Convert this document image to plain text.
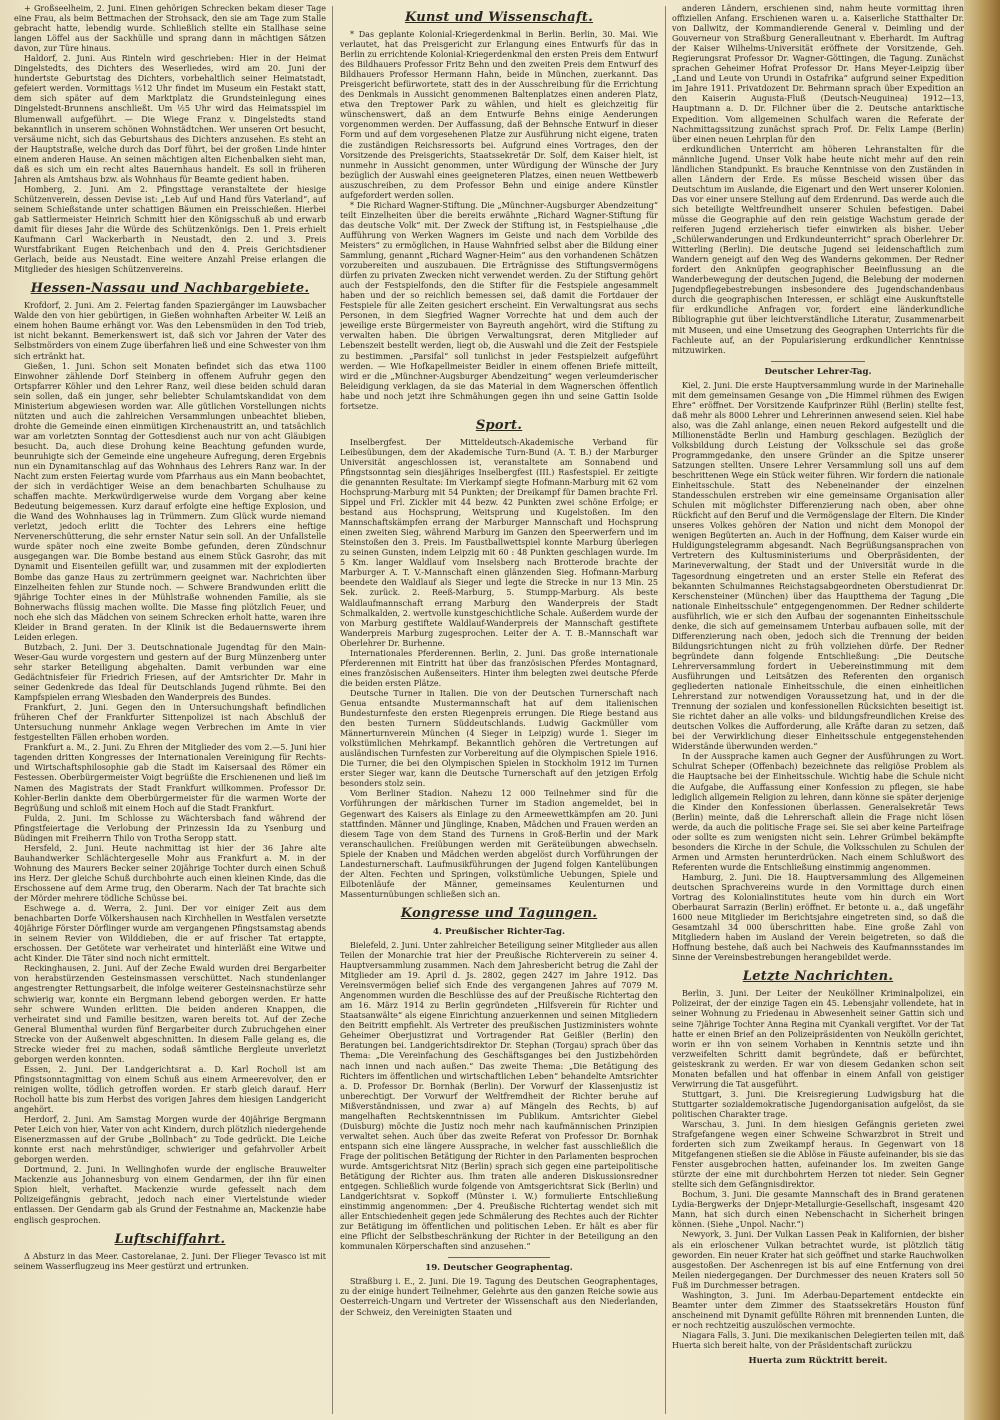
+ Großseelheim, 2. Juni. Einen gehörigen Schrecken bekam dieser Tage eine Frau, als beim Bettmachen der Strohsack, den sie am Tage zum Stalle gebracht hatte, lebendig wurde. Schließlich stellte ein Stallhase seine langen Löffel aus der Sackhülle und sprang dann in mächtigen Sätzen davon, zur Türe hinaus.

Haldorf, 2. Juni. Aus Rinteln wird geschrieben: Hier in der Heimat Dingelstedts, des Dichters des Weserliedes, wird am 20. Juni der hundertste Geburtstag des Dichters, vorbehaltlich seiner Heimatstadt, gefeiert werden. Vormittags ½12 Uhr findet im Museum ein Festakt statt, dem sich später auf dem Marktplatz die Grundsteinlegung eines Dingelstedt-Brunnens anschließt. Um ½5 Uhr wird das Heimatsspiel im Blumenwall aufgeführt. — Die Wiege Franz v. Dingelstedts stand bekanntlich in unserem schönen Wohnstädtchen. Wer unseren Ort besucht, versäume nicht, sich das Geburtshaus des Dichters anzusehen. Es steht an der Hauptstraße, welche durch das Dorf führt, bei der großen Linde hinter einem anderen Hause. An seinen mächtigen alten Eichenbalken sieht man, daß es sich um ein recht altes Bauernhaus handelt. Es soll in früheren Jahren als Amtshaus bzw. als Wohnhaus für Beamte gedient haben.

Homberg, 2. Juni. Am 2. Pfingsttage veranstaltete der hiesige Schützenverein, dessen Devise ist: „Leb Auf und Hand fürs Vaterland“, auf seinem Schießstande unter schattigen Bäumen ein Preisschießen. Hierbei gab Sattlermeister Heinrich Schmitt hier den Königsschuß ab und erwarb damit für dieses Jahr die Würde des Schützenkönigs. Den 1. Preis erhielt Kaufmann Carl Wackerbarth in Neustadt, den 2. und 3. Preis Wurstfabrikant Eugen Reichenbach und den 4. Preis Gerichtsdiener Gerlach, beide aus Neustadt. Eine weitere Anzahl Preise erlangen die Mitglieder des hiesigen Schützenvereins.

Hessen-Nassau und Nachbargebiete.

Krofdorf, 2. Juni. Am 2. Feiertag fanden Spaziergänger im Lauwsbacher Walde den von hier gebürtigen, in Gießen wohnhaften Arbeiter W. Leiß an einem hohen Baume erhängt vor. Was den Lebensmüden in den Tod trieb, ist nicht bekannt. Bemerkenswert ist, daß sich vor Jahren der Vater des Selbstmörders von einem Zuge überfahren ließ und eine Schwester von ihm sich ertränkt hat.

Gießen, 1. Juni. Schon seit Monaten befindet sich das etwa 1100 Einwohner zählende Dorf Steinberg in offenem Aufruhr gegen den Ortspfarrer Köhler und den Lehrer Ranz, weil diese beiden schuld daran sein sollen, daß ein junger, sehr beliebter Schulamtskandidat von dem Ministerium abgewiesen worden war. Alle gütlichen Vorstellungen nichts nützten und auch die zahlreichen Versammlungen unbeachtet blieben, drohte die Gemeinde einen einmütigen Kirchenaustritt an, und tatsächlich war am vorletzten Sonntag der Gottesdienst auch nur von acht Gläubigen besucht. Da, auch diese Drohung keine Beachtung gefunden wurde, beunruhigte sich der Gemeinde eine ungeheure Aufregung, deren Ergebnis nun ein Dynamitanschlag auf das Wohnhaus des Lehrers Ranz war. In der Nacht zum ersten Feiertag wurde vom Pfarrhaus aus ein Mann beobachtet, der sich in verdächtiger Weise an dem benachbarten Schulhause zu schaffen machte. Merkwürdigerweise wurde dem Vorgang aber keine Bedeutung beigemessen. Kurz darauf erfolgte eine heftige Explosion, und die Wand des Wohnhauses lag in Trümmern. Zum Glück wurde niemand verletzt, jedoch erlitt die Tochter des Lehrers eine heftige Nervenerschütterung, die sehr ernster Natur sein soll. An der Unfallstelle wurde später noch eine zweite Bombe gefunden, deren Zündschnur ausgegangen war. Die Bombe bestand aus einem Stück Gasrohr, das mit Dynamit und Eisenteilen gefüllt war, und zusammen mit der explodierten Bombe das ganze Haus zu zertrümmern geeignet war. Nachrichten über Einzelheiten fehlen zur Stunde noch. — Schwere Brandwunden erlitt die 9jährige Tochter eines in der Mühlstraße wohnenden Familie, als sie Bohnerwachs flüssig machen wollte. Die Masse fing plötzlich Feuer, und noch ehe sich das Mädchen von seinem Schrecken erholt hatte, waren ihre Kleider in Brand geraten. In der Klinik ist die Bedauernswerte ihrem Leiden erlegen.

Butzbach, 2. Juni. Der 3. Deutschnationale Jugendtag für den Main-Weser-Gau wurde vorgestern und gestern auf der Burg Münzenberg unter sehr starker Beteiligung abgehalten. Damit verbunden war eine Gedächtnisfeier für Friedrich Friesen, auf der Amtsrichter Dr. Mahr in seiner Gedenkrede das Ideal für Deutschlands Jugend rühmte. Bei den Kampfspielen errang Wiesbaden den Wanderpreis des Bundes.

Frankfurt, 2. Juni. Gegen den in Untersuchungshaft befindlichen früheren Chef der Frankfurter Sittenpolizei ist nach Abschluß der Untersuchung nunmehr Anklage wegen Verbrechen im Amte in vier festgestellten Fällen erhoben worden.

Frankfurt a. M., 2. Juni. Zu Ehren der Mitglieder des vom 2.—5. Juni hier tagenden dritten Kongresses der Internationalen Vereinigung für Rechts- und Wirtschaftsphilosophie gab die Stadt im Kaisersaal des Römer ein Festessen. Oberbürgermeister Voigt begrüßte die Erschienenen und ließ im Namen des Magistrats der Stadt Frankfurt willkommen. Professor Dr. Kohler-Berlin dankte dem Oberbürgermeister für die warmen Worte der Begrüßung und schloß mit einem Hoch auf die Stadt Frankfurt.

Fulda, 2. Juni. Im Schlosse zu Wächtersbach fand während der Pfingstfeiertage die Verlobung der Prinzessin Ida zu Ysenburg und Büdingen mit Freiherrn Thilo von Trotha Seropp statt.

Hersfeld, 2. Juni. Heute nachmittag ist hier der 36 Jahre alte Bauhandwerker Schlächtergeselle Mohr aus Frankfurt a. M. in der Wohnung des Maurers Becker seiner 20jährige Tochter durch einen Schuß ins Herz. Der gleiche Schuß durchbohrte auch einen kleinen Kinde, das die Erschossene auf dem Arme trug, den Oberarm. Nach der Tat brachte sich der Mörder mehrere tödliche Schüsse bei.

Eschwege a. d. Werra, 2. Juni. Der vor einiger Zeit aus dem benachbarten Dorfe Völkershausen nach Kirchhellen in Westfalen versetzte 40jährige Förster Dörflinger wurde am vergangenen Pfingstsamstag abends in seinem Revier von Wilddieben, die er auf frischer Tat ertappte, erschossen. Der Getötete war verheiratet und hinterläßt eine Witwe und acht Kinder. Die Täter sind noch nicht ermittelt.

Reckinghausen, 2. Juni. Auf der Zeche Ewald wurden drei Bergarbeiter von herabstürzenden Gesteinsmassen verschüttet. Nach stundenlanger angestrengter Rettungsarbeit, die infolge weiterer Gesteinsnachstürze sehr schwierig war, konnte ein Bergmann lebend geborgen werden. Er hatte sehr schwere Wunden erlitten. Die beiden anderen Knappen, die verheiratet sind und Familie besitzen, waren bereits tot. Auf der Zeche General Blumenthal wurden fünf Bergarbeiter durch Zubruchgehen einer Strecke von der Außenwelt abgeschnitten. In diesem Falle gelang es, die Strecke wieder frei zu machen, sodaß sämtliche Bergleute unverletzt geborgen werden konnten.

Essen, 2. Juni. Der Landgerichtsrat a. D. Karl Rocholl ist am Pfingstsonntagmittag von einem Schuß aus einem Armeerevolver, den er reinigen wollte, tödlich getroffen worden. Er starb gleich darauf. Herr Rocholl hatte bis zum Herbst des vorigen Jahres dem hiesigen Landgericht angehört.

Herdorf, 2. Juni. Am Samstag Morgen wurde der 40jährige Bergmann Peter Leich von hier, Vater von acht Kindern, durch plötzlich niedergehende Eisenerzmassen auf der Grube „Bollnbach“ zu Tode gedrückt. Die Leiche konnte erst nach mehrstündiger, schwieriger und gefahrvoller Arbeit geborgen werden.

Dortmund, 2. Juni. In Wellinghofen wurde der englische Brauwelter Mackenzie aus Johannesburg von einem Gendarmen, der ihn für einen Spion hielt, verhaftet. Mackenzie wurde gefesselt nach dem Polizeigefängnis gebracht, jedoch nach einer Viertelstunde wieder entlassen. Der Gendarm gab als Grund der Festnahme an, Mackenzie habe englisch gesprochen.

Luftschiffahrt.

Δ Absturz in das Meer. Castorelanae, 2. Juni. Der Flieger Tevasco ist mit seinem Wasserflugzeug ins Meer gestürzt und ertrunken.

Kunst und Wissenschaft.

* Das geplante Kolonial-Kriegerdenkmal in Berlin. Berlin, 30. Mai. Wie verlautet, hat das Preisgericht zur Erlangung eines Entwurfs für das in Berlin zu errichtende Kolonial-Kriegerdenkmal den ersten Preis dem Entwurf des Bildhauers Professor Fritz Behn und den zweiten Preis dem Entwurf des Bildhauers Professor Hermann Hahn, beide in München, zuerkannt. Das Preisgericht befürwortete, statt des in der Ausschreibung für die Errichtung des Denkmals in Aussicht genommenen Baltenplatzes einen anderen Platz, etwa den Treptower Park zu wählen, und hielt es gleichzeitig für wünschenswert, daß an dem Entwurfe Behns einige Aenderungen vorgenommen werden. Der Auffassung, daß der Behnsche Entwurf in dieser Form und auf dem vorgesehenen Platze zur Ausführung nicht eigene, traten die zuständigen Reichsressorts bei. Aufgrund eines Vortrages, den der Vorsitzende des Preisgerichts, Staatssekretär Dr. Solf, dem Kaiser hielt, ist nunmehr in Aussicht genommen, unter Würdigung der Wünsche der Jury bezüglich der Auswahl eines geeigneteren Platzes, einen neuen Wettbewerb auszuschreiben, zu dem Professor Behn und einige andere Künstler aufgefordert werden sollen.

* Die Richard Wagner-Stiftung. Die „Münchner-Augsburger Abendzeitung“ teilt Einzelheiten über die bereits erwähnte „Richard Wagner-Stiftung für das deutsche Volk“ mit. Der Zweck der Stiftung ist, in Festspielhause „die Aufführung von Werken Wagners im Geiste und nach dem Vorbilde des Meisters“ zu ermöglichen, in Hause Wahnfried selbst aber die Bildung einer Sammlung, genannt „Richard Wagner-Heim“ aus den vorhandenen Schätzen vorzubereiten und auszubauen. Die Erträgnisse des Stiftungsvermögens dürfen zu privaten Zwecken nicht verwendet werden. Zu der Stiftung gehört auch der Festspielfonds, den die Stifter für die Festspiele angesammelt haben und der so reichlich bemessen sei, daß damit die Fortdauer der Festspiele für alle Zeiten gesichert erscheint. Ein Verwaltungsrat aus sechs Personen, in dem Siegfried Wagner Vorrechte hat und dem auch der jeweilige erste Bürgermeister von Bayreuth angehört, wird die Stiftung zu verwalten haben. Die übrigen Verwaltungsrat, deren Mitglieder auf Lebenszeit bestellt werden, liegt ob, die Auswahl und die Zeit der Festspiele zu bestimmen. „Parsifal“ soll tunlichst in jeder Festspielzeit aufgeführt werden. — Wie Hofkapellmeister Beidler in einem offenen Briefe mitteilt, wird er die „Münchner-Augsburger Abendzeitung“ wegen verleumderischer Beleidigung verklagen, da sie das Material in dem Wagnerschen öffentlich habe und noch jetzt ihre Schmähungen gegen ihn und seine Gattin Isolde fortsetze.

Sport.

Inselbergfest. Der Mitteldeutsch-Akademische Verband für Leibesübungen, dem der Akademische Turn-Bund (A. T. B.) der Marburger Universität angeschlossen ist, veranstaltete am Sonnabend und Pfingstsonntag sein diesjähriges Inselbergfest (III.) Rasfestspiel. Er zeitigte die genannten Resultate: Im Vierkampf siegte Hofmann-Marburg mit 62 vom Hochsprung-Marburg mit 54 Punkten; der Dreikampf für Damen brachte Frl. Sippel und Frl. Zickler mit 44 bezw. 42 Punkten zwei schöne Erfolge; er bestand aus Hochsprung, Weitsprung und Kugelstoßen. Im den Mannschaftskämpfen errang der Marburger Mannschaft und Hochsprung einen zweiten Sieg, während Marburg im Ganzen den Speerwerfern und im Steinstoßen den 3. Preis. Im Faustballwettspiel konnte Marburg überlegen zu seinen Gunsten, indem Leipzig mit 60 : 48 Punkten geschlagen wurde. Im 5 Km. langer Waldlauf vom Inselsberg nach Brotterode brachte der Marburger A. T. V.-Mannschaft einen glänzenden Sieg. Hofmann-Marburg beendete den Waldlauf als Sieger und legte die Strecke in nur 13 Min. 25 Sek. zurück. 2. Reeß-Marburg, 5. Stumpp-Marburg. Als beste Waldlaufmannschaft errang Marburg den Wanderpreis der Stadt Schmalkalden, 2. wertvolle kunstgeschichtliche Schale. Außerdem wurde der von Marburg gestiftete Waldlauf-Wanderpreis der Mannschaft gestiftete Wanderpreis Marburg zugesprochen. Leiter der A. T. B.-Mannschaft war Oberlehrer Dr. Burhenne.

Internationales Pferderennen. Berlin, 2. Juni. Das große internationale Pferderennen mit Eintritt hat über das französischen Pferdes Montagnard, eines französischen Außenseiters. Hinter ihm belegten zwei deutsche Pferde die beiden ersten Plätze.

Deutsche Turner in Italien. Die von der Deutschen Turnerschaft nach Genua entsandte Mustermannschaft hat auf dem italienischen Bundesturnfeste den ersten Riegenpreis errungen. Die Riege bestand aus den besten Turnern Süddeutschlands. Ludwig Gackmüller vom Männerturnverein München (4 Sieger in Leipzig) wurde 1. Sieger im volkstümlichen Mehrkampf. Bekanntlich gehören die Vertretungen auf ausländischen Turnfesten zur Vorbereitung auf die Olympischen Spiele 1916. Die Turner, die bei den Olympischen Spielen in Stockholm 1912 im Turnen erster Sieger war, kann die Deutsche Turnerschaft auf den jetzigen Erfolg besonders stolz sein.

Vom Berliner Stadion. Nahezu 12 000 Teilnehmer sind für die Vorführungen der märkischen Turner im Stadion angemeldet, bei in Gegenwart des Kaisers als Einlage zu den Armeewettkämpfen am 20. Juni stattfinden. Männer und Jünglinge, Knaben, Mädchen und Frauen werden an diesem Tage von dem Stand des Turnens in Groß-Berlin und der Mark veranschaulichen. Freiübungen werden mit Geräteübungen abwechseln. Spiele der Knaben und Mädchen werden abgelöst durch Vorführungen der Landesturnerschaft. Laufmusikführungen der Jugend folgen Kantelübungen der Alten. Fechten und Springen, volkstümliche Uebungen, Spiele und Eilbotenläufe der Männer, gemeinsames Keulenturnen und Massenturnübungen schließen sich an.

Kongresse und Tagungen.
4. Preußischer Richter-Tag.

Bielefeld, 2. Juni. Unter zahlreicher Beteiligung seiner Mitglieder aus allen Teilen der Monarchie trat hier der Preußische Richterverein zu seiner 4. Hauptversammlung zusammen. Nach dem Jahresbericht betrug die Zahl der Mitglieder am 19. April d. Js. 2802, gegen 2427 im Jahre 1912. Das Vereinsvermögen belief sich Ende des vergangenen Jahres auf 7079 M. Angenommen wurden die Beschlüsse des auf der Preußische Richtertag den am 16. März 1914 zu Berlin gegründeten „Hilfsverein für Richter und Staatsanwälte“ als eigene Einrichtung anzuerkennen und seinen Mitgliedern den Beitritt empfiehlt. Als Vertreter des preußischen Justizministers wohnte Geheimer Oberjustizrat und Vortragender Rat Geißler (Berlin) den Beratungen bei. Landgerichtsdirektor Dr. Stephan (Torgau) sprach über das Thema: „Die Vereinfachung des Geschäftsganges bei den Justizbehörden nach innen und nach außen.“ Das zweite Thema: „Die Betätigung des Richters im öffentlichen und wirtschaftlichen Leben“ behandelte Amtsrichter a. D. Professor Dr. Bornhak (Berlin). Der Vorwurf der Klassenjustiz ist unberechtigt. Der Vorwurf der Weltfremdheit der Richter beruhe auf Mißverständnissen, und zwar a) auf Mängeln des Rechts, b) auf mangelhaften Rechtskenntnissen im Publikum. Amtsrichter Giebel (Duisburg) möchte die Justiz noch mehr nach kaufmännischen Prinzipien verwaltet sehen. Auch über das zweite Referat von Professor Dr. Bornhak entspann sich eine längere Aussprache, in welcher fast ausschließlich die Frage der politischen Betätigung der Richter in den Parlamenten besprochen wurde. Amtsgerichtsrat Nitz (Berlin) sprach sich gegen eine parteipolitische Betätigung der Richter aus. Ihm traten alle anderen Diskussionsredner entgegen. Schließlich wurde folgende von Amtsgerichtsrat Sick (Berlin) und Landgerichtsrat v. Sopkoff (Münster i. W.) formulierte Entschließung einstimmig angenommen: „Der 4. Preußische Richtertag wendet sich mit aller Entschiedenheit gegen jede Schmälerung des Rechtes auch der Richter zur Betätigung im öffentlichen und politischen Leben. Er hält es aber für eine Pflicht der Selbstbeschränkung der Richter in der Beteiligung an den kommunalen Körperschaften sind anzusehen.“

19. Deutscher Geographentag.

Straßburg i. E., 2. Juni. Die 19. Tagung des Deutschen Geographentages, zu der einige hundert Teilnehmer, Gelehrte aus den ganzen Reiche sowie aus Oesterreich-Ungarn und Vertreter der Wissenschaft aus den Niederlanden, der Schweiz, den Vereinigten Staaten und

anderen Ländern, erschienen sind, nahm heute vormittag ihren offiziellen Anfang. Erschienen waren u. a. Kaiserliche Statthalter Dr. von Dallwitz, der Kommandierende General v. Deimling und der Gouverneur von Straßburg Generalleutnant v. Eberhardt. Im Auftrag der Kaiser Wilhelms-Universität eröffnete der Vorsitzende, Geh. Regierungsrat Professor Dr. Wagner-Göttingen, die Tagung. Zunächst sprachen Geheimer Hofrat Professor Dr. Hans Meyer-Leipzig über „Land und Leute von Urundi in Ostafrika“ aufgrund seiner Expedition im Jahre 1911. Privatdozent Dr. Behrmann sprach über Expedition an den Kaiserin Augusta-Fluß (Deutsch-Neuguinea) 1912—13, Hauptmann a. D. Dr. Filchner über die 2. Deutsche antarktische Expedition. Vom allgemeinen Schulfach waren die Referate der Nachmittagssitzung zunächst sprach Prof. Dr. Felix Lampe (Berlin) über einen neuen Lehrplan für den

erdkundlichen Unterricht am höheren Lehranstalten für die männliche Jugend. Unser Volk habe heute nicht mehr auf den rein ländlichen Standpunkt. Es brauche Kenntnisse von den Zuständen in allen Ländern der Erde. Es müsse Bescheid wissen über das Deutschtum im Auslande, die Eigenart und den Wert unserer Kolonien. Das vor einer unsere Stellung auf dem Erdenrund. Das werde auch die sich beteiligte Weltfreundheit unserer Schulen befestigen. Dabei müsse die Geographie auf den rein geistige Wachstum gerade der reiferen Jugend erzieherisch tiefer einwirken als bisher. Ueber „Schülerwanderungen und Erdkundeunterricht“ sprach Oberlehrer Dr. Witterling (Berlin). Die deutsche Jugend sei leidenschaftlich zum Wandern geneigt auf den Weg des Wanderns gekommen. Der Redner fordert den Anknüpfen geographischer Beeinflussung an die Wanderbewegung der deutschen Jugend, die Belebung der modernen Jugendpflegebestrebungen insbesondere des Jugendschandenbaus durch die geographischen Interessen, er schlägt eine Auskunftstelle für erdkundliche Anfragen vor, fordert eine länderkundliche Bibliographie gut über leichtverständliche Literatur, Zusammenarbeit mit Museen, und eine Umsetzung des Geographen Unterrichts für die Fachleute auf, an der Popularisierung erdkundlicher Kenntnisse mitzuwirken.

Deutscher Lehrer-Tag.

Kiel, 2. Juni. Die erste Hauptversammlung wurde in der Marinehalle mit dem gemeinsamen Gesange von „Die Himmel rühmen des Ewigen Ehre“ eröffnet. Der Vorsitzende Kaufprinzer Rühl (Berlin) stellte fest, daß mehr als 8000 Lehrer und Lehrerinnen anwesend seien. Kiel habe also, was die Zahl anlange, einen neuen Rekord aufgestellt und die Millionenstädte Berlin und Hamburg geschlagen. Bezüglich der Volksbildung durch Leistung der Volksschule sei das große Programmgedanke, den unsere Gründer an die Spitze unserer Satzungen stellten. Unsere Lehrer Versammlung soll uns auf dem beschrittenen Wege ein Stück weiter führen. Wir fordern die nationale Einheitsschule. Statt des Nebeneinander der einzelnen Standesschulen erstreben wir eine gemeinsame Organisation aller Schulen mit möglichster Differenzierung nach oben, aber ohne Rückficht auf den Beruf und die Vermögenslage der Eltern. Die Kinder unseres Volkes gehören der Nation und nicht dem Monopol der wenigen Begüterten an. Auch in der Hoffnung, dem Kaiser wurde ein Huldigungstelegramm abgesandt. Nach Begrüßungsansprachen von Vertretern des Kultusministeriums und Oberpräsidenten, der Marineverwaltung, der Stadt und der Universität wurde in die Tagesordnung eingetreten und an erster Stelle ein Referat des bekannten Schulmannes Reichstagsabgeordneten Oberstudienrat Dr. Kerschensteiner (München) über das Hauptthema der Tagung „Die nationale Einheitsschule“ entgegengenommen. Der Redner schilderte ausführlich, wie er sich den Aufbau der sogenannten Einheitsschule denke, die sich auf gemeinsamem Unterbau aufbauen solle, mit der Differenzierung nach oben, jedoch sich die Trennung der beiden Bildungsrichtungen nicht zu früh vollziehen dürfe. Der Redner begründete dann folgende Entschließung: „Die Deutsche Lehrerversammlung fordert in Uebereinstimmung mit dem Ausführungen und Leitsätzen des Referenten den organisch gegliederten nationale Einheitsschule, die einen einheitlichen Lehrerstand zur notwendigen Voraussetzung hat, und in der die Trennung der sozialen und konfessionellen Rücksichten beseitigt ist. Sie richtet daher an alle volks- und bildungsfreundlichen Kreise des deutschen Volkes die Aufforderung, alle Kräfte daran zu setzen, daß bei der Verwirklichung dieser Einheitsschule entgegenstehenden Widerstände überwunden werden.“

In der Aussprache kamen auch Gegner der Ausführungen zu Wort. Schulrat Scheper (Offenbach) bezeichnete das religiöse Problem als die Hauptsache bei der Einheitsschule. Wichtig habe die Schule nicht die Aufgabe, die Auffassung einer Konfession zu pflegen, sie habe lediglich allgemein Religion zu lehren, dann könne sie später derjenige die Kinder den Konfessionen überlassen. Generalsekretär Tews (Berlin) meinte, daß die Lehrerschaft allein die Frage nicht lösen werde, da auch die politische Frage sei. Sie sei aber keine Parteifrage oder sollte es zum wenigsten nicht sein. Lehrer Grümbel bekämpfte besonders die Kirche in der Schule, die Volksschulen zu Schulen der Armen und Armsten herunterdrücken. Nach einem Schlußwort des Referenten wurde die Entschließung einstimmig angenommen.

Hamburg, 2. Juni. Die 18. Hauptversammlung des Allgemeinen deutschen Sprachvereins wurde in den Vormittage durch einen Vortrag des Kolonialinstitutes heute vom hin durch ein Wort Oberbaurat Sarrazin (Berlin) eröffnet. Er betonte u. a., daß ungefähr 1600 neue Mitglieder im Berichtsjahre eingetreten sind, so daß die Gesamtzahl 34 000 überschritten habe. Eine große Zahl von Mitgliedern haben im Ausland der Verein beigetreten, so daß die Hoffnung bestehe, daß auch bei Nachweis des Kaufmannsstandes im Sinne der Vereinsbestrebungen herangebildet werde.

Letzte Nachrichten.

Berlin, 3. Juni. Der Leiter der Neuköllner Kriminalpolizei, ein Polizeirat, der der einzige Tagen ein 45. Lebensjahr vollendete, hat in seiner Wohnung zu Friedenau in Abwesenheit seiner Gattin sich und seine 7jährige Tochter Anna Regina mit Cyankali vergiftet. Vor der Tat hatte er einen Brief an den Polizeipräsidenten von Neukölln gerichtet, worin er ihn von seinem Vorhaben in Kenntnis setzte und ihn verzweifelten Schritt damit begründete, daß er befürchtet, geisteskrank zu werden. Er war von diesem Gedanken schon seit Monaten befallen und hat offenbar in einem Anfall von geistiger Verwirrung die Tat ausgeführt.

Stuttgart, 3. Juni. Die Kreisregierung Ludwigsburg hat die Stuttgarter sozialdemokratische Jugendorganisation aufgelöst, da sie politischen Charakter trage.

Warschau, 3. Juni. In dem hiesigen Gefängnis gerieten zwei Strafgefangene wegen einer Schweine Schwarzbrot in Streit und forderten sich zum Zweikampf heraus. In Gegenwart von 18 Mitgefangenen stießen sie die Ablöse in Fäuste aufeinander, bis sie das Fenster ausgebrochen hatten, aufeinander los. Im zweiten Gange stürzte der eine mit durchbohrtem Herzen tot nieder. Sein Gegner stellte sich dem Gefängnisdirektor.

Bochum, 3. Juni. Die gesamte Mannschaft des in Brand geratenen Lydia-Bergwerks der Dnjepr-Metallurgie-Gesellschaft, insgesamt 420 Mann, hat sich durch einen Nebenschacht in Sicherheit bringen können. (Siehe „Unpol. Nachr.“)

Newyork, 3. Juni. Der Vulkan Lassen Peak in Kalifornien, der bisher als ein erloschener Vulkan betrachtet wurde, ist plötzlich tätig geworden. Ein neuer Krater hat sich geöffnet und starke Rauchwolken ausgestoßen. Der Aschenregen ist bis auf eine Entfernung von drei Meilen niedergegangen. Der Durchmesser des neuen Kraters soll 50 Fuß im Durchmesser betragen.

Washington, 3. Juni. Im Aderbau-Departement entdeckte ein Beamter unter dem Zimmer des Staatssekretärs Houston fünf anscheinend mit Dynamit gefüllte Röhren mit brennenden Lunten, die er noch rechtzeitig auszulöschen vermochte.

Niagara Falls, 3. Juni. Die mexikanischen Delegierten teilen mit, daß Huerta sich bereit halte, von der Präsidentschaft zurückzu

Huerta zum Rücktritt bereit.
